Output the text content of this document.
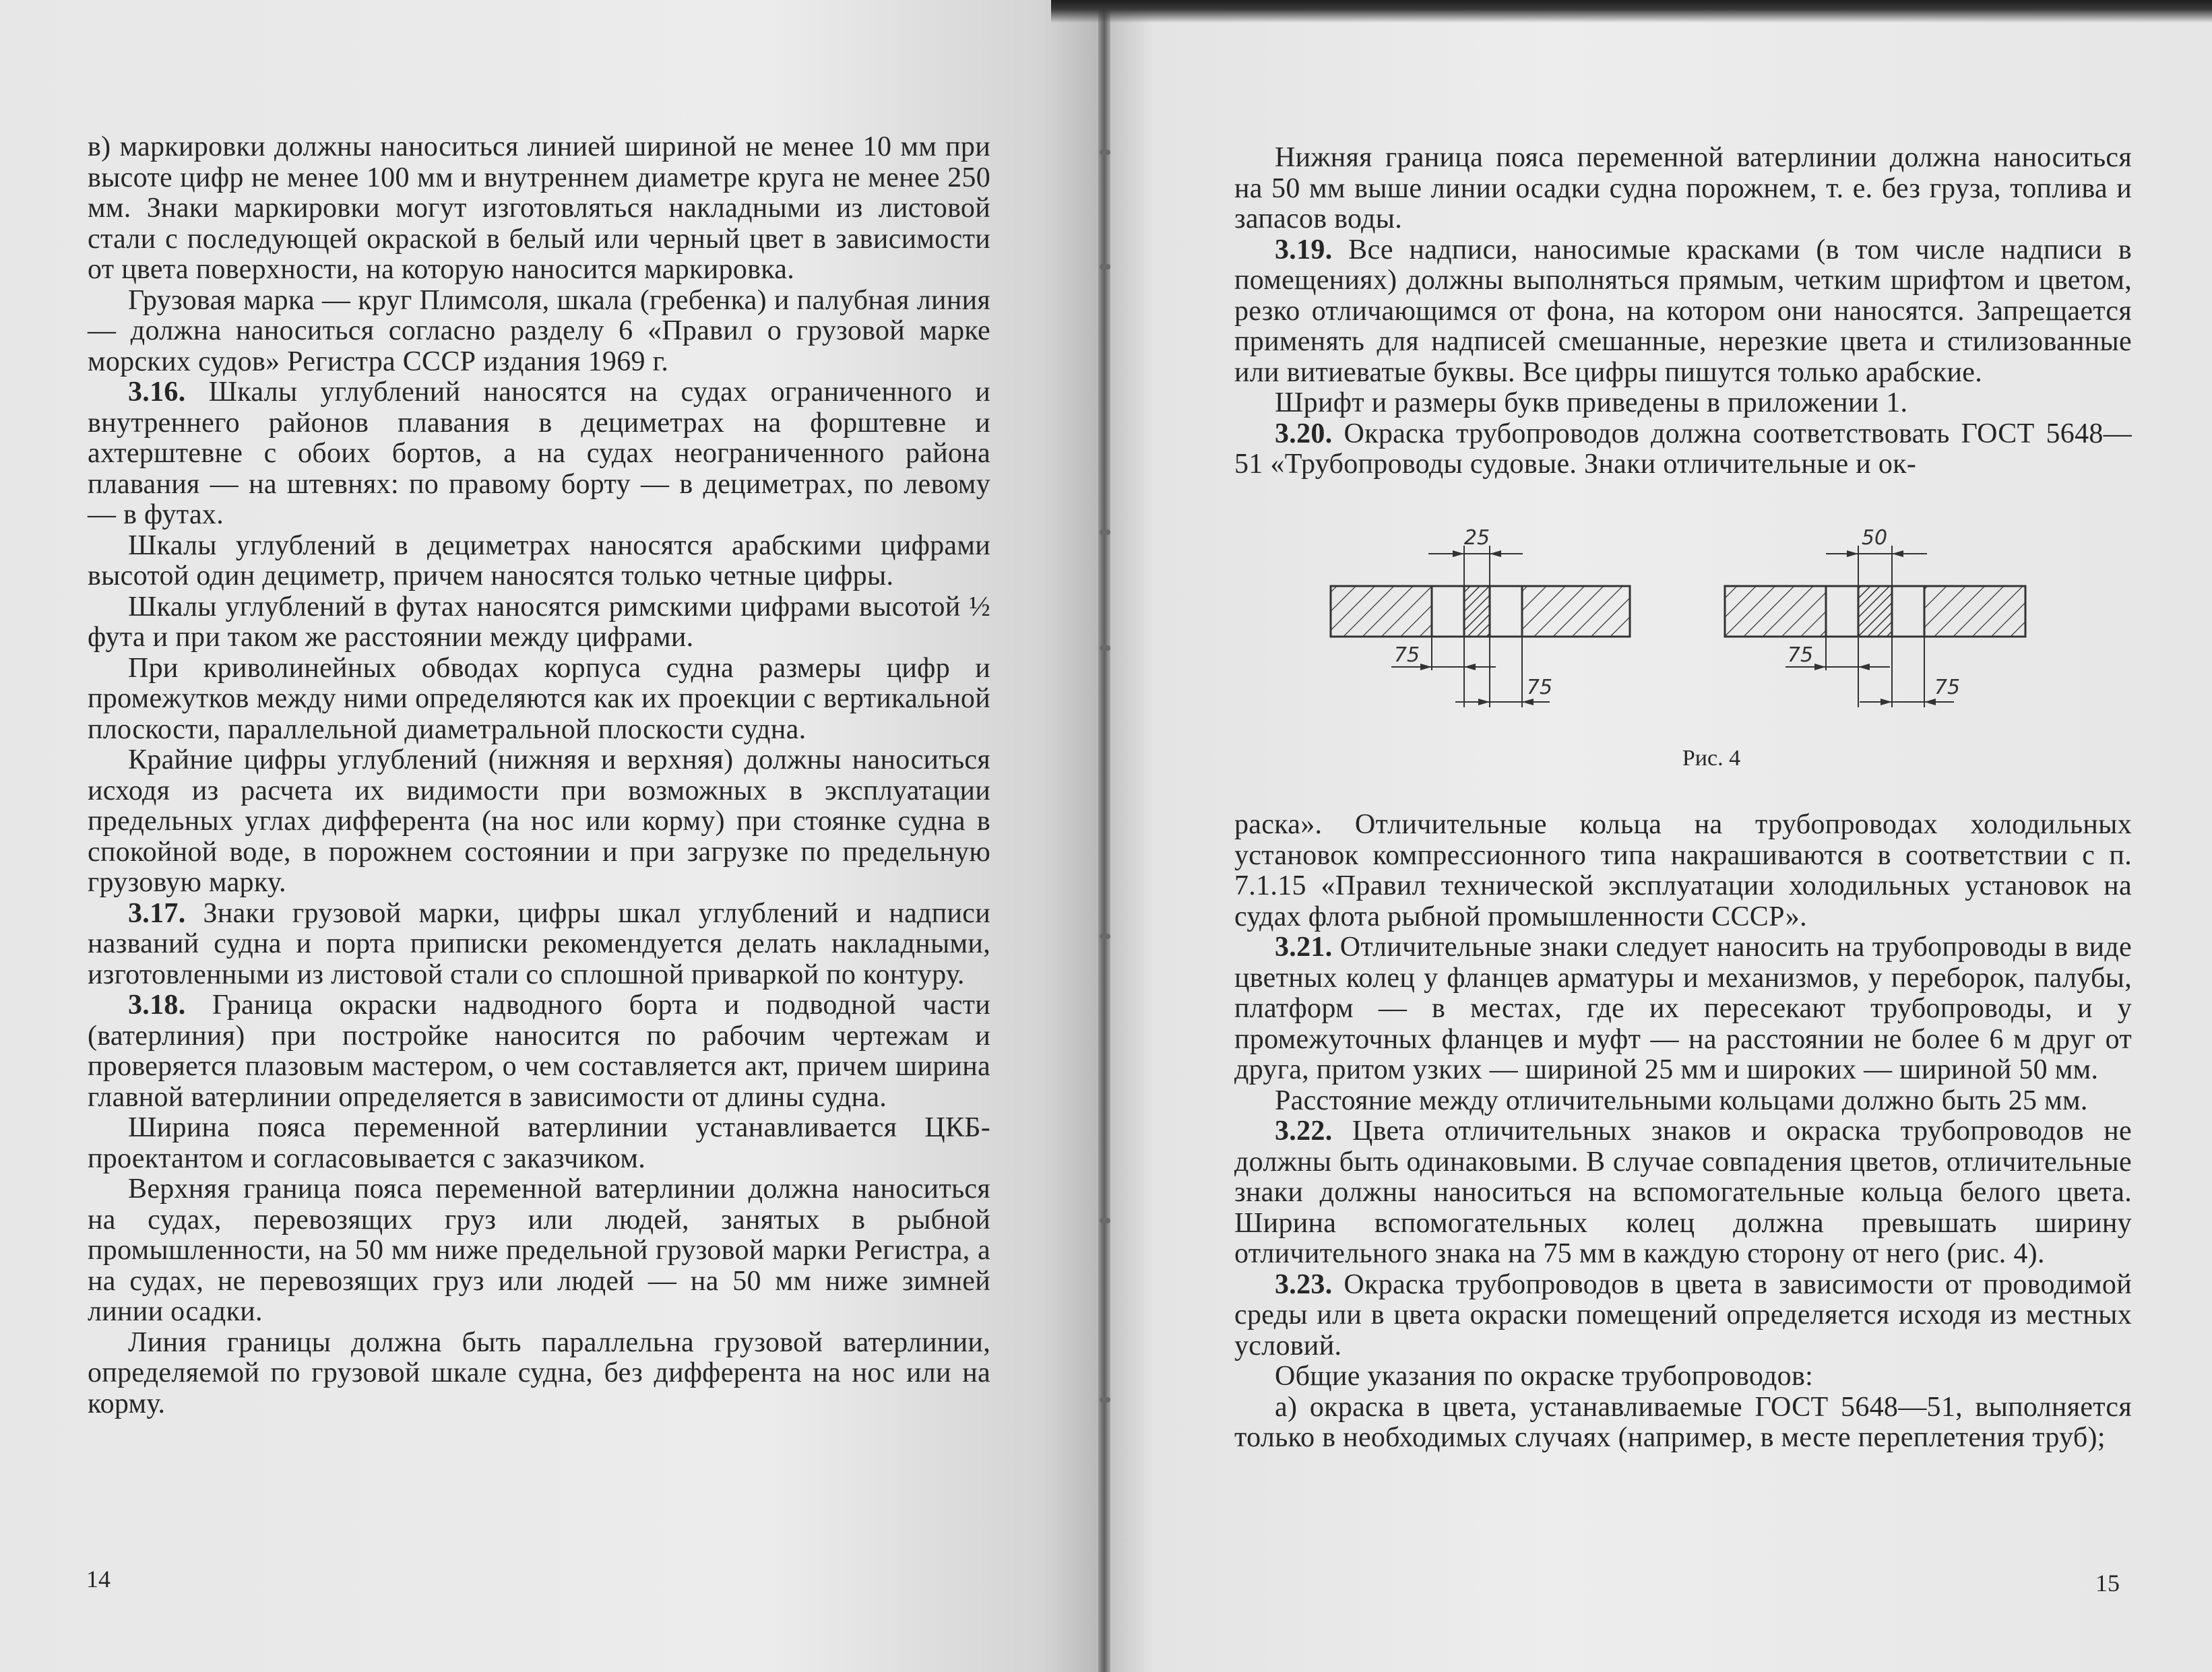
в) маркировки должны наноситься линией шириной не менее 10 мм при высоте цифр не менее 100 мм и внутреннем диаметре круга не менее 250 мм. Знаки маркировки могут изготовляться накладными из листовой стали с последующей окраской в белый или черный цвет в зависимости от цвета поверхности, на которую наносится маркировка.

Грузовая марка — круг Плимсоля, шкала (гребенка) и палубная линия — должна наноситься согласно разделу 6 «Правил о грузовой марке морских судов» Регистра СССР издания 1969 г.

3.16. Шкалы углублений наносятся на судах ограниченного и внутреннего районов плавания в дециметрах на форштевне и ахтерштевне с обоих бортов, а на судах неограниченного района плавания — на штевнях: по правому борту — в дециметрах, по левому — в футах.

Шкалы углублений в дециметрах наносятся арабскими цифрами высотой один дециметр, причем наносятся только четные цифры.

Шкалы углублений в футах наносятся римскими цифрами высотой ½ фута и при таком же расстоянии между цифрами.

При криволинейных обводах корпуса судна размеры цифр и промежутков между ними определяются как их проекции с вертикальной плоскости, параллельной диаметральной плоскости судна.

Крайние цифры углублений (нижняя и верхняя) должны наноситься исходя из расчета их видимости при возможных в эксплуатации предельных углах дифферента (на нос или корму) при стоянке судна в спокойной воде, в порожнем состоянии и при загрузке по предельную грузовую марку.

3.17. Знаки грузовой марки, цифры шкал углублений и надписи названий судна и порта приписки рекомендуется делать накладными, изготовленными из листовой стали со сплошной приваркой по контуру.

3.18. Граница окраски надводного борта и подводной части (ватерлиния) при постройке наносится по рабочим чертежам и проверяется плазовым мастером, о чем составляется акт, причем ширина главной ватерлинии определяется в зависимости от длины судна.

Ширина пояса переменной ватерлинии устанавливается ЦКБ-проектантом и согласовывается с заказчиком.

Верхняя граница пояса переменной ватерлинии должна наноситься на судах, перевозящих груз или людей, занятых в рыбной промышленности, на 50 мм ниже предельной грузовой марки Регистра, а на судах, не перевозящих груз или людей — на 50 мм ниже зимней линии осадки.

Линия границы должна быть параллельна грузовой ватерлинии, определяемой по грузовой шкале судна, без дифферента на нос или на корму.

14

Нижняя граница пояса переменной ватерлинии должна наноситься на 50 мм выше линии осадки судна порожнем, т. е. без груза, топлива и запасов воды.

3.19. Все надписи, наносимые красками (в том числе надписи в помещениях) должны выполняться прямым, четким шрифтом и цветом, резко отличающимся от фона, на котором они наносятся. Запрещается применять для надписей смешанные, нерезкие цвета и стилизованные или витиеватые буквы. Все цифры пишутся только арабские.

Шрифт и размеры букв приведены в приложении 1.

3.20. Окраска трубопроводов должна соответствовать ГОСТ 5648—51 «Трубопроводы судовые. Знаки отличительные и ок-

25
75
75
50
75
75
Рис. 4

раска». Отличительные кольца на трубопроводах холодильных установок компрессионного типа накрашиваются в соответствии с п. 7.1.15 «Правил технической эксплуатации холодильных установок на судах флота рыбной промышленности СССР».

3.21. Отличительные знаки следует наносить на трубопроводы в виде цветных колец у фланцев арматуры и механизмов, у переборок, палубы, платформ — в местах, где их пересекают трубопроводы, и у промежуточных фланцев и муфт — на расстоянии не более 6 м друг от друга, притом узких — шириной 25 мм и широких — шириной 50 мм.

Расстояние между отличительными кольцами должно быть 25 мм.

3.22. Цвета отличительных знаков и окраска трубопроводов не должны быть одинаковыми. В случае совпадения цветов, отличительные знаки должны наноситься на вспомогательные кольца белого цвета. Ширина вспомогательных колец должна превышать ширину отличительного знака на 75 мм в каждую сторону от него (рис. 4).

3.23. Окраска трубопроводов в цвета в зависимости от проводимой среды или в цвета окраски помещений определяется исходя из местных условий.

Общие указания по окраске трубопроводов:

а) окраска в цвета, устанавливаемые ГОСТ 5648—51, выполняется только в необходимых случаях (например, в месте переплетения труб);

15
